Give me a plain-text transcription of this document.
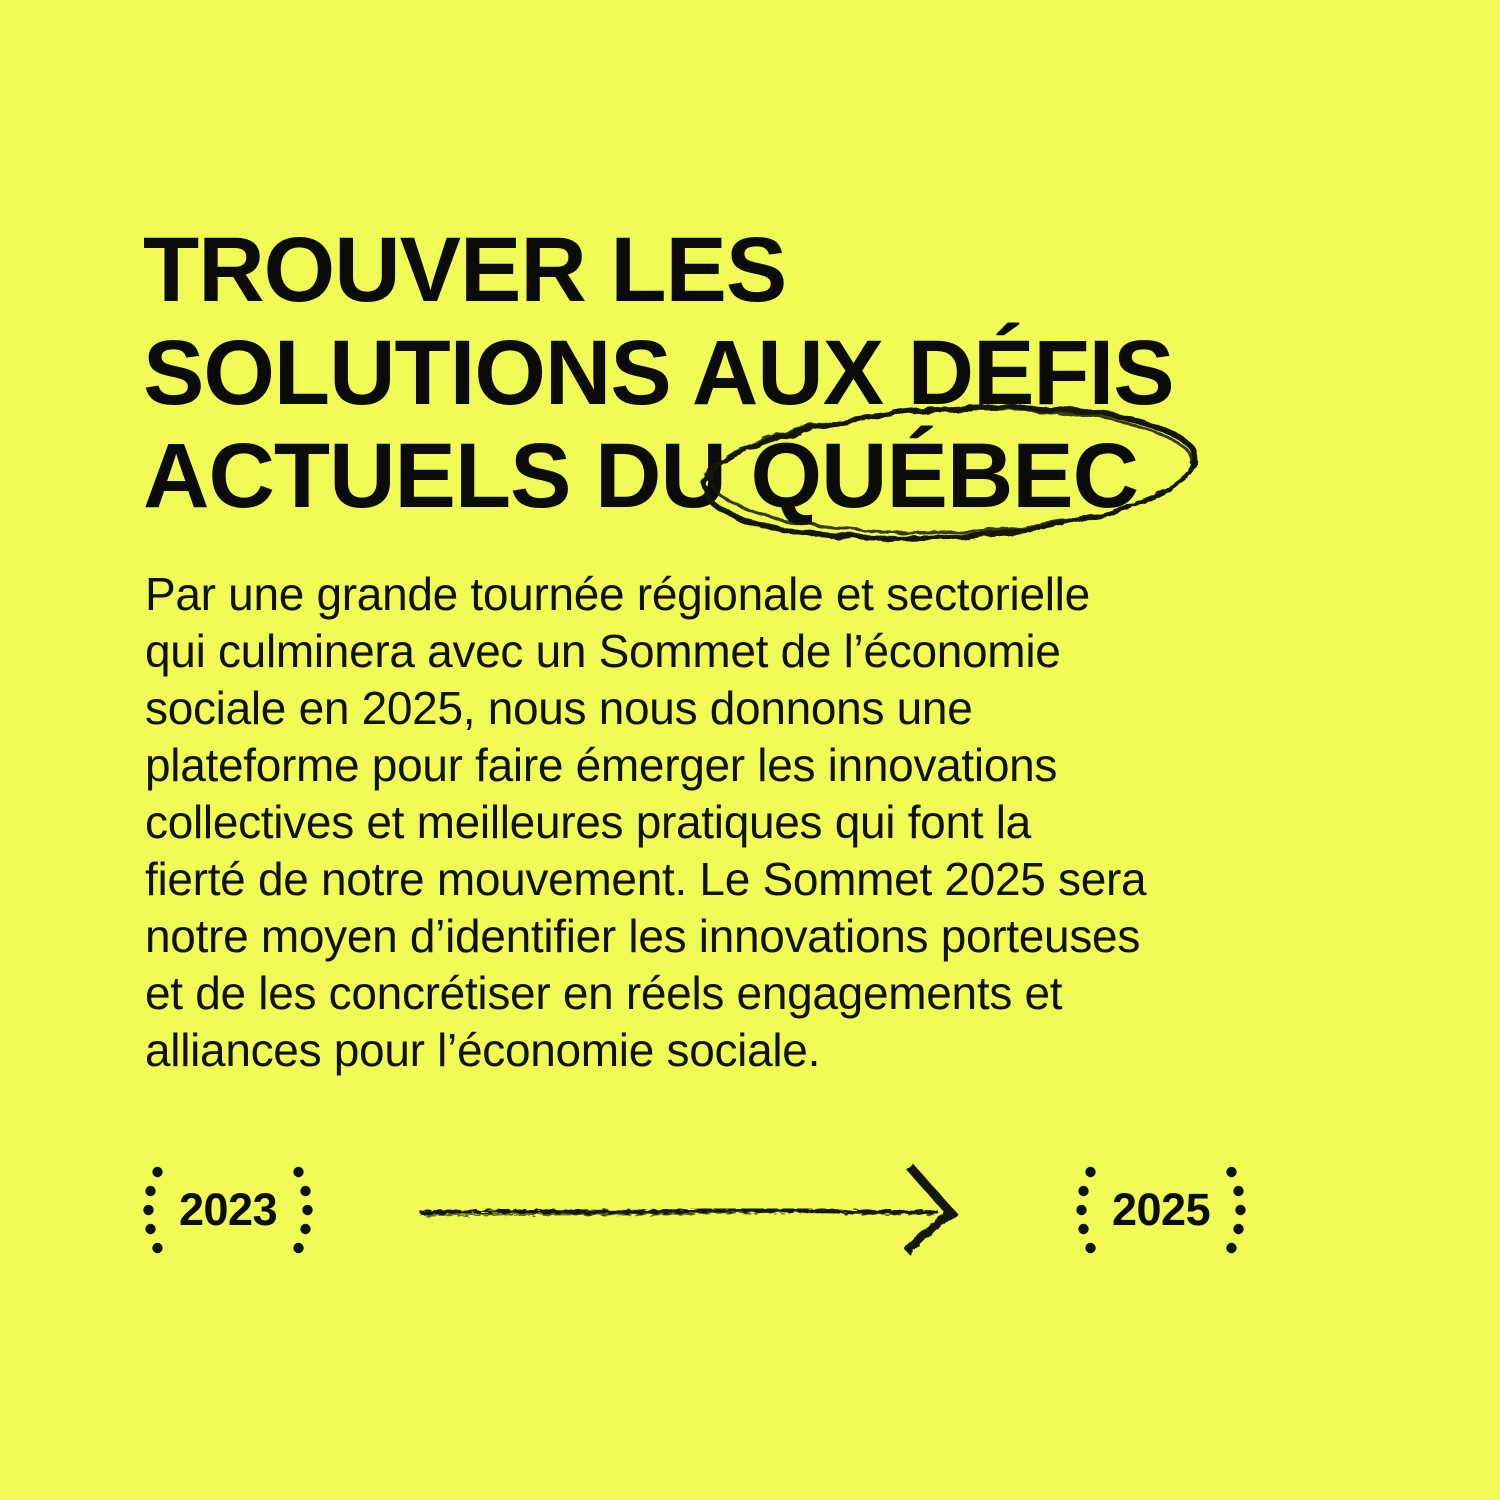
TROUVER LES
SOLUTIONS AUX DÉFIS
ACTUELS DU QUÉBEC
Par une grande tournée régionale et sectorielle
qui culminera avec un Sommet de l’économie
sociale en 2025, nous nous donnons une
plateforme pour faire émerger les innovations
collectives et meilleures pratiques qui font la
fierté de notre mouvement. Le Sommet 2025 sera
notre moyen d’identifier les innovations porteuses
et de les concrétiser en réels engagements et
alliances pour l’économie sociale.
2023	2025
